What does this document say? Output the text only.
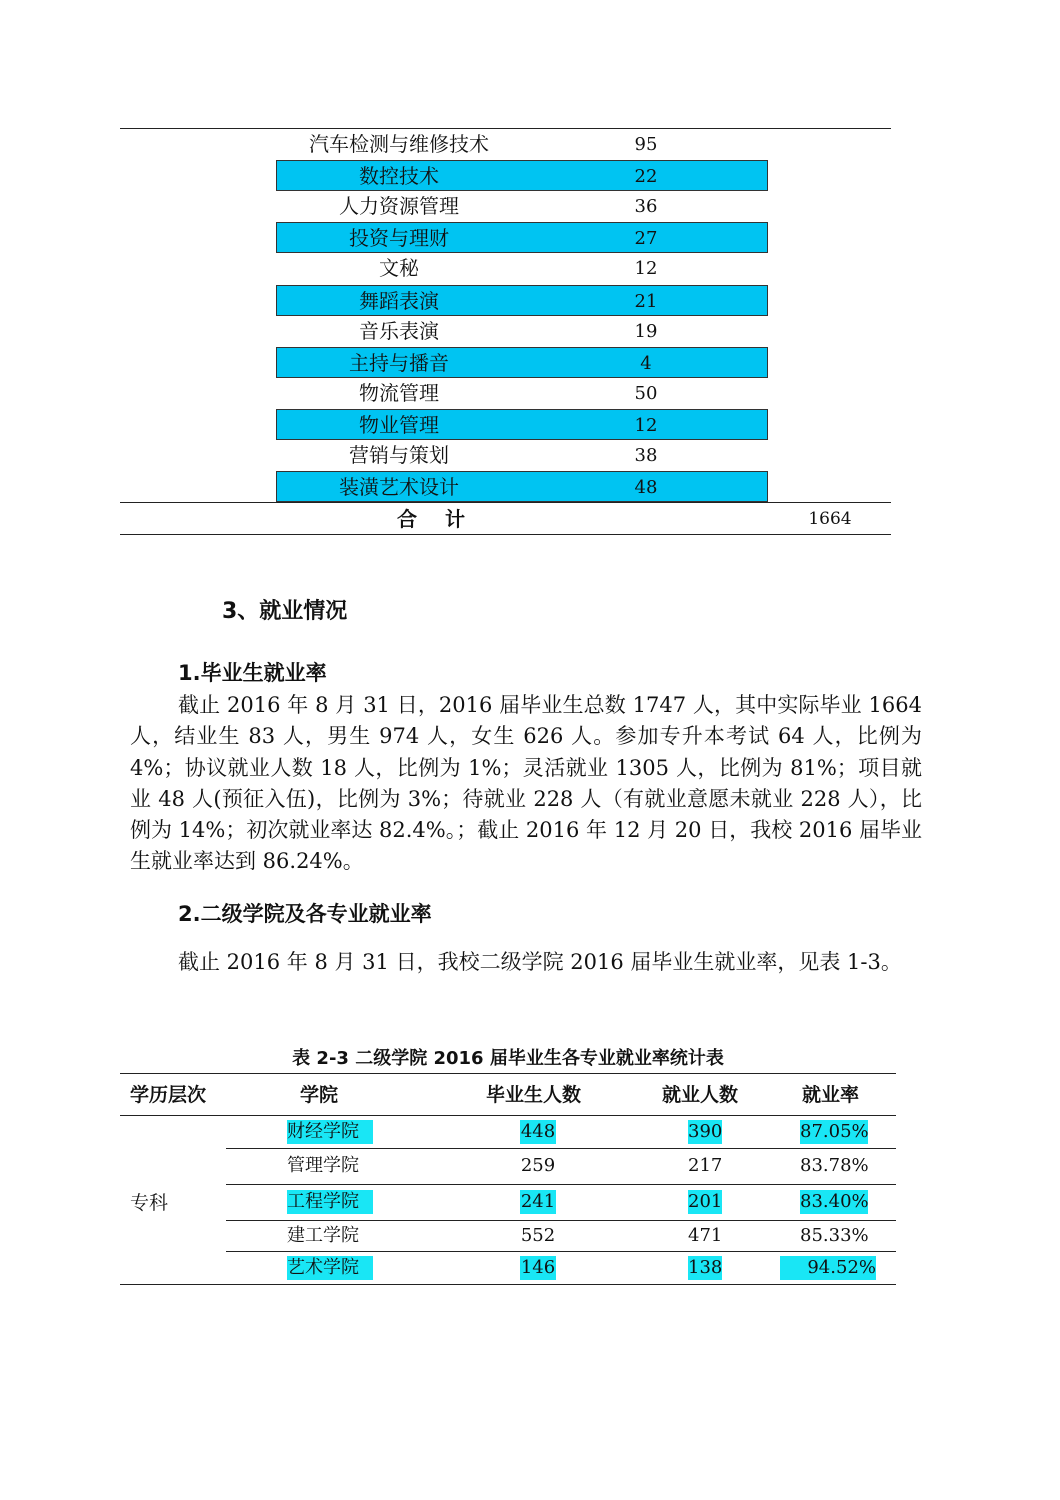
汽车检测与维修技术	95
数控技术	22
人力资源管理	36
投资与理财	27
文秘	12
舞蹈表演	21
音乐表演	19
主持与播音	4
物流管理	50
物业管理	12
营销与策划	38
装潢艺术设计	48
合计	1664
3、就业情况
1.毕业生就业率
截止 2016 年 8 月 31 日，2016 届毕业生总数 1747 人，其中实际毕业 1664 人，结业生 83 人，男生 974 人，女生 626 人。参加专升本考试 64 人，比例为 4%；协议就业人数 18 人，比例为 1%；灵活就业 1305 人，比例为 81%；项目就业 48 人(预征入伍)，比例为 3%；待就业 228 人（有就业意愿未就业 228 人），比例为 14%；初次就业率达 82.4%。；截止 2016 年 12 月 20 日，我校 2016 届毕业生就业率达到 86.24%。
2.二级学院及各专业就业率
截止 2016 年 8 月 31 日，我校二级学院 2016 届毕业生就业率，见表 1-3。
表 2-3 二级学院 2016 届毕业生各专业就业率统计表
学历层次	学院	毕业生人数	就业人数	就业率
专科
财经学院	448	390	87.05%
管理学院	259	217	83.78%
工程学院	241	201	83.40%
建工学院	552	471	85.33%
艺术学院	146	138	94.52%
